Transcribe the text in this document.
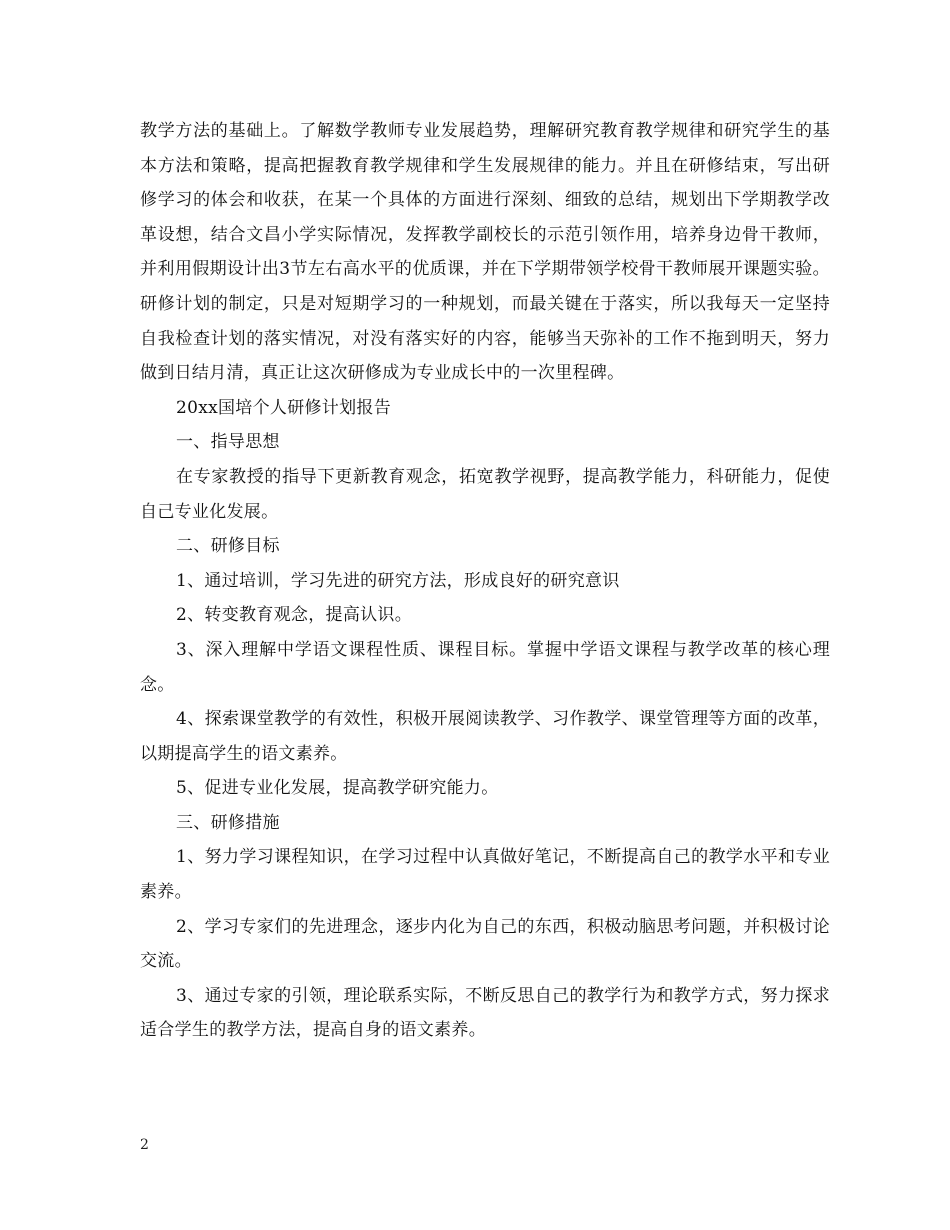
教学方法的基础上。了解数学教师专业发展趋势，理解研究教育教学规律和研究学生的基本方法和策略，提高把握教育教学规律和学生发展规律的能力。并且在研修结束，写出研修学习的体会和收获，在某一个具体的方面进行深刻、细致的总结，规划出下学期教学改革设想，结合文昌小学实际情况，发挥教学副校长的示范引领作用，培养身边骨干教师，并利用假期设计出3节左右高水平的优质课，并在下学期带领学校骨干教师展开课题实验。研修计划的制定，只是对短期学习的一种规划，而最关键在于落实，所以我每天一定坚持自我检查计划的落实情况，对没有落实好的内容，能够当天弥补的工作不拖到明天，努力做到日结月清，真正让这次研修成为专业成长中的一次里程碑。

20xx国培个人研修计划报告

一、指导思想

在专家教授的指导下更新教育观念，拓宽教学视野，提高教学能力，科研能力，促使自己专业化发展。

二、研修目标

1、通过培训，学习先进的研究方法，形成良好的研究意识

2、转变教育观念，提高认识。

3、深入理解中学语文课程性质、课程目标。掌握中学语文课程与教学改革的核心理念。

4、探索课堂教学的有效性，积极开展阅读教学、习作教学、课堂管理等方面的改革，以期提高学生的语文素养。

5、促进专业化发展，提高教学研究能力。

三、研修措施

1、努力学习课程知识，在学习过程中认真做好笔记，不断提高自己的教学水平和专业素养。

2、学习专家们的先进理念，逐步内化为自己的东西，积极动脑思考问题，并积极讨论交流。

3、通过专家的引领，理论联系实际，不断反思自己的教学行为和教学方式，努力探求适合学生的教学方法，提高自身的语文素养。

2
